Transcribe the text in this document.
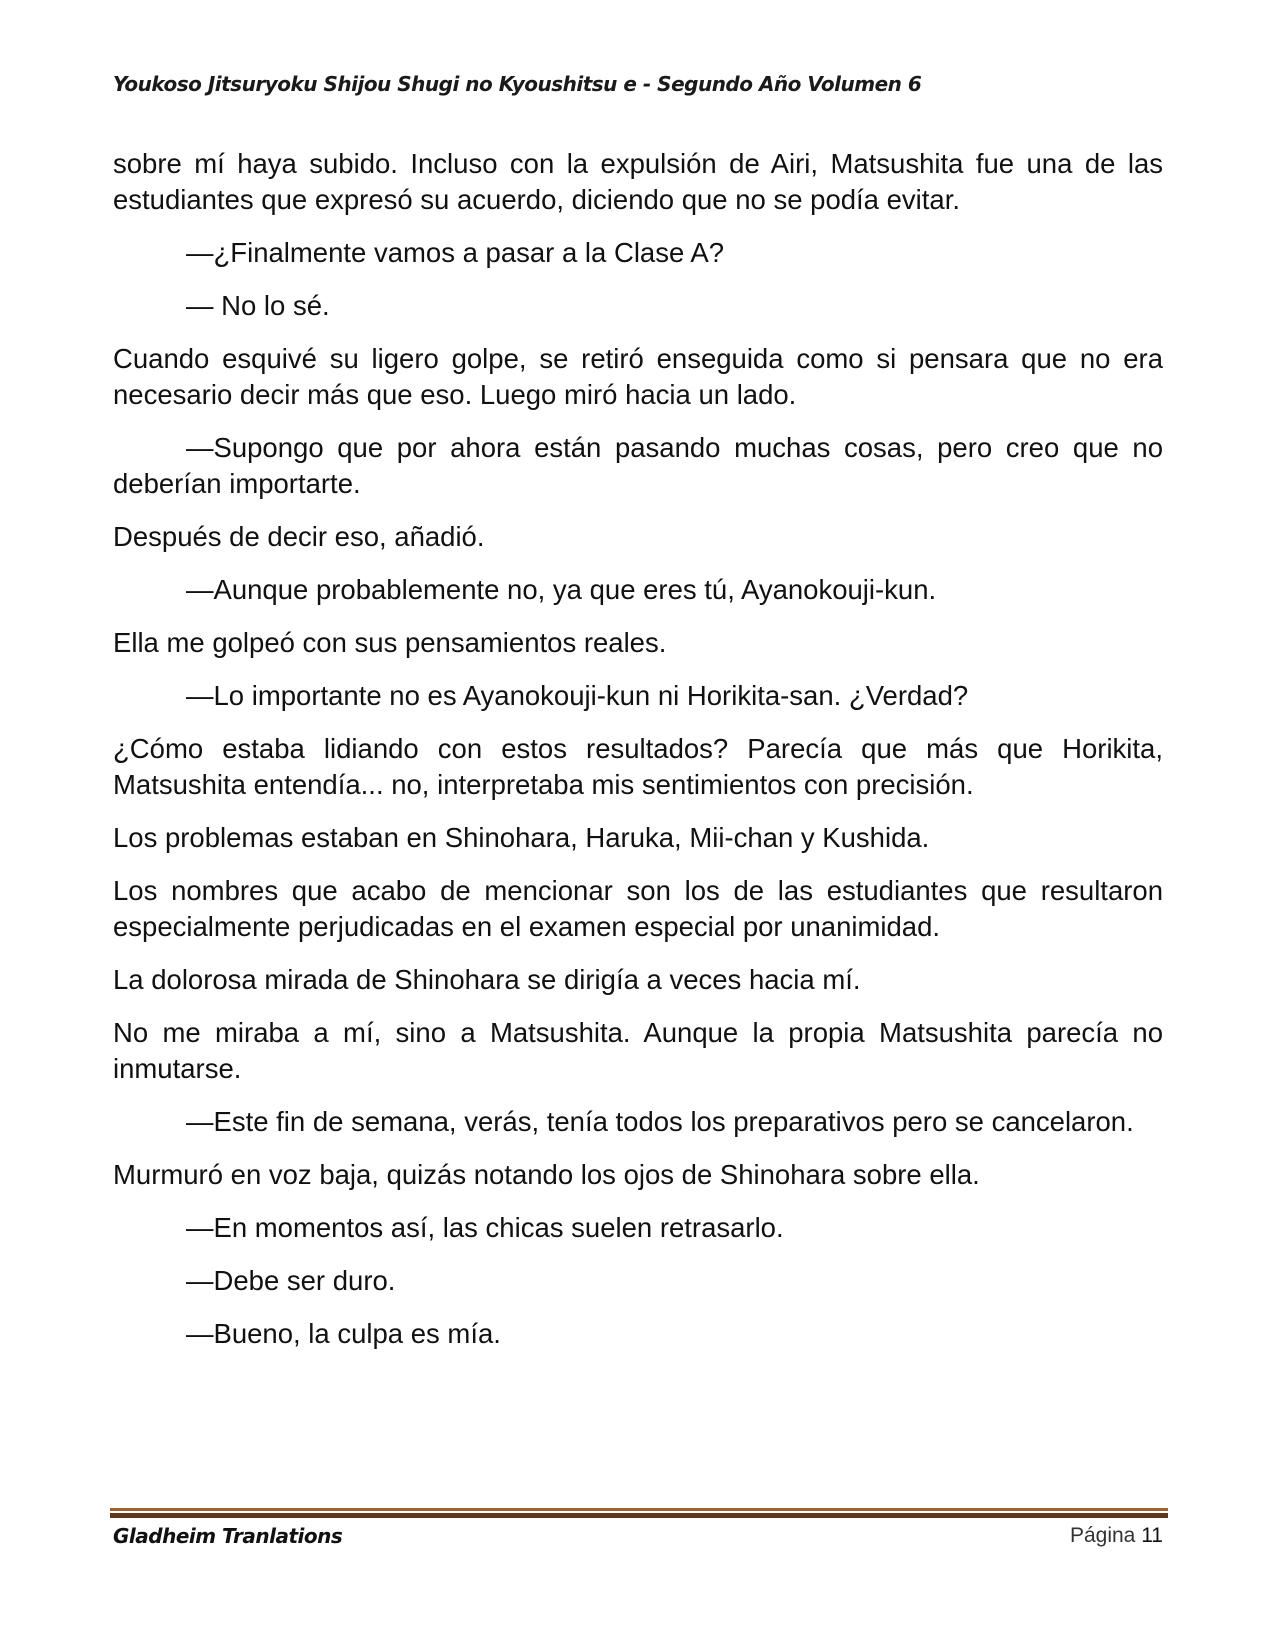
Youkoso Jitsuryoku Shijou Shugi no Kyoushitsu e - Segundo Año Volumen 6

sobre mí haya subido. Incluso con la expulsión de Airi, Matsushita fue una de las estudiantes que expresó su acuerdo, diciendo que no se podía evitar.

—¿Finalmente vamos a pasar a la Clase A?

— No lo sé.

Cuando esquivé su ligero golpe, se retiró enseguida como si pensara que no era necesario decir más que eso. Luego miró hacia un lado.

—Supongo que por ahora están pasando muchas cosas, pero creo que no deberían importarte.

Después de decir eso, añadió.

—Aunque probablemente no, ya que eres tú, Ayanokouji-kun.

Ella me golpeó con sus pensamientos reales.

—Lo importante no es Ayanokouji-kun ni Horikita-san. ¿Verdad?

¿Cómo estaba lidiando con estos resultados? Parecía que más que Horikita, Matsushita entendía... no, interpretaba mis sentimientos con precisión.

Los problemas estaban en Shinohara, Haruka, Mii-chan y Kushida.

Los nombres que acabo de mencionar son los de las estudiantes que resultaron especialmente perjudicadas en el examen especial por unanimidad.

La dolorosa mirada de Shinohara se dirigía a veces hacia mí.

No me miraba a mí, sino a Matsushita. Aunque la propia Matsushita parecía no inmutarse.

—Este fin de semana, verás, tenía todos los preparativos pero se cancelaron.

Murmuró en voz baja, quizás notando los ojos de Shinohara sobre ella.

—En momentos así, las chicas suelen retrasarlo.

—Debe ser duro.

—Bueno, la culpa es mía.

Gladheim Tranlations	Página 11
